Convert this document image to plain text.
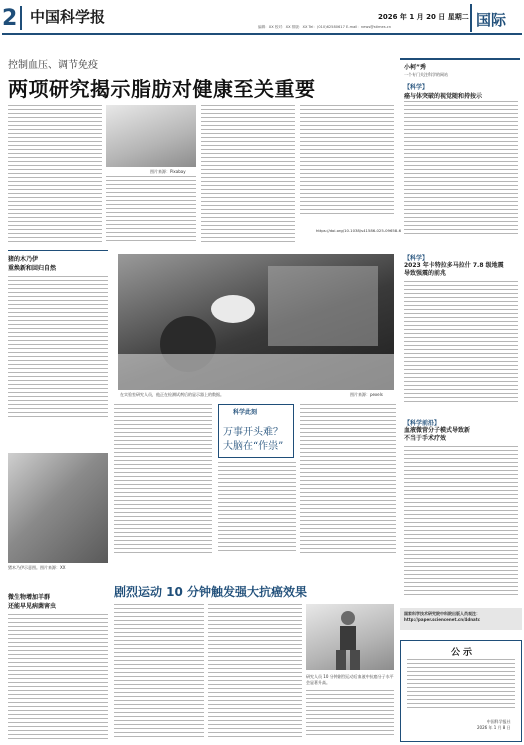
2 中国科学报	2026 年 1 月 20 日 星期二
编辑：XX 校对：XX 排版：XX Tel：(010)62580617 E-mail：news@stimes.cn	国际
控制血压、调节免疫
两项研究揭示脂肪对健康至关重要
图片来源：Pixabay
https://doi.org/10.1038/s41586-025-09658-6
猪的木乃伊
重焕新和回归自然
猪木乃伊示意图。图片来源：XX
微生物增加羊群
还能早见病菌害虫
在实验室研究人员，他正在检测试剂后的显示器上的数据。	图片来源：pexels
科学此刻
万事开头难？
大脑在“作祟”
剧烈运动 10 分钟触发强大抗癌效果
研究人员 10 分钟剧烈运动后血液中抗癌分子水平会显著升高。
小柯”秀
一个专门关注科学的网站
【科学】
癌与体突破的视觉随和持按示
【科学】
2023 年卡特拉多马拉什 7.8 级地震
导致强震的前兆
【科学前沿】
血液微营分子模式导致新
不当于手术疗效
国家科学技术研究院中科院出版人员观注：
http://paper.sciencenet.cn/4dnatc
公示
中国科学报社
2026 年 1 月 8 日
